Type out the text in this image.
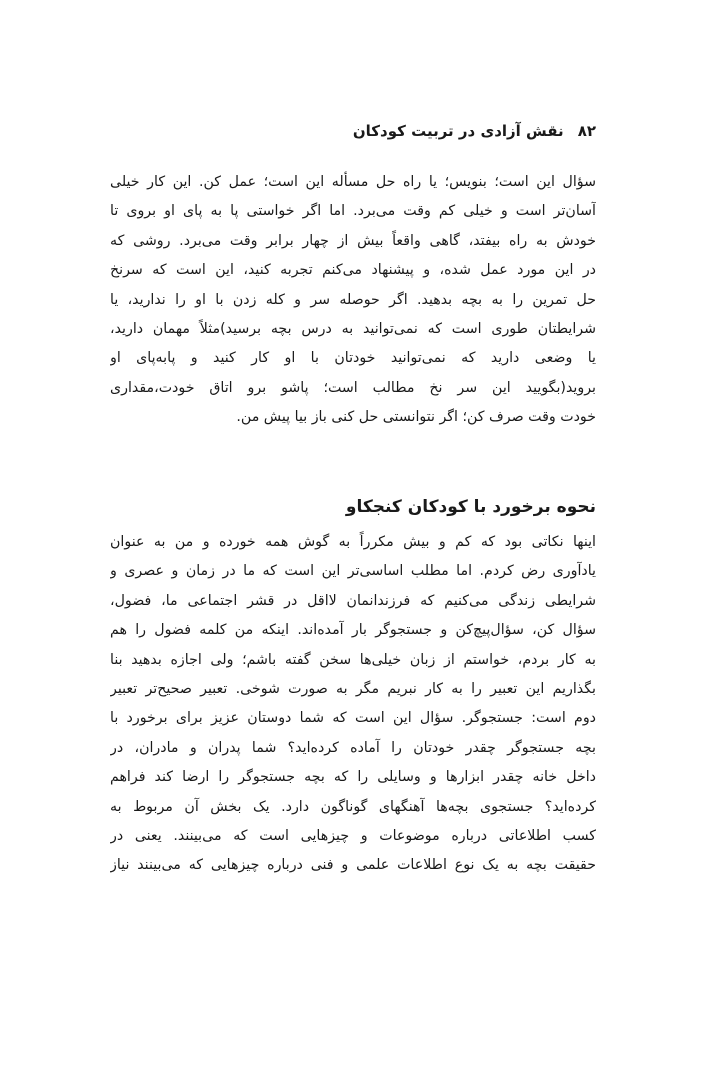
۸۲
نقش آزادی در تربیت کودکان
سؤال این است؛ بنویس؛ یا راه حل مسأله این است؛ عمل کن. این کار خیلی
آسان‌تر است و خیلی کم وقت می‌برد. اما اگر خواستی پا به پای او بروی تا
خودش به راه بیفتد، گاهی واقعاً بیش از چهار برابر وقت می‌برد. روشی که
در این مورد عمل شده، و پیشنهاد می‌کنم تجربه کنید، این است که سرنخ
حل تمرین را به بچه بدهید. اگر حوصله سر و کله زدن با او را ندارید، یا
شرایطتان طوری است که نمی‌توانید به درس بچه برسید)مثلاً مهمان دارید،
یا وضعی دارید که نمی‌توانید خودتان با او کار کنید و پابه‌پای او
بروید(بگویید این سر نخ مطالب است؛ پاشو برو اتاق خودت،مقداری
خودت وقت صرف کن؛ اگر نتوانستی حل کنی باز بیا پیش من.
نحوه برخورد با کودکان کنجکاو
اینها نکاتی بود که کم و بیش مکرراً به گوش همه خورده و من به عنوان
یادآوری رض کردم. اما مطلب اساسی‌تر این است که ما در زمان و عصری و
شرایطی زندگی می‌کنیم که فرزندانمان لااقل در قشر اجتماعی ما، فضول،
سؤال کن، سؤال‌پیچ‌کن و جستجوگر بار آمده‌اند. اینکه من کلمه فضول را هم
به کار بردم، خواستم از زبان خیلی‌ها سخن گفته باشم؛ ولی اجازه بدهید بنا
بگذاریم این تعبیر را به کار نبریم مگر به صورت شوخی. تعبیر صحیح‌تر تعبیر
دوم است: جستجوگر. سؤال این است که شما دوستان عزیز برای برخورد با
بچه جستجوگر چقدر خودتان را آماده کرده‌اید؟ شما پدران و مادران، در
داخل خانه چقدر ابزارها و وسایلی را که بچه جستجوگر را ارضا کند فراهم
کرده‌اید؟ جستجوی بچه‌ها آهنگهای گوناگون دارد. یک بخش آن مربوط به
کسب اطلاعاتی درباره موضوعات و چیزهایی است که می‌بینند. یعنی در
حقیقت بچه به یک نوع اطلاعات علمی و فنی درباره چیزهایی که می‌بینند نیاز
